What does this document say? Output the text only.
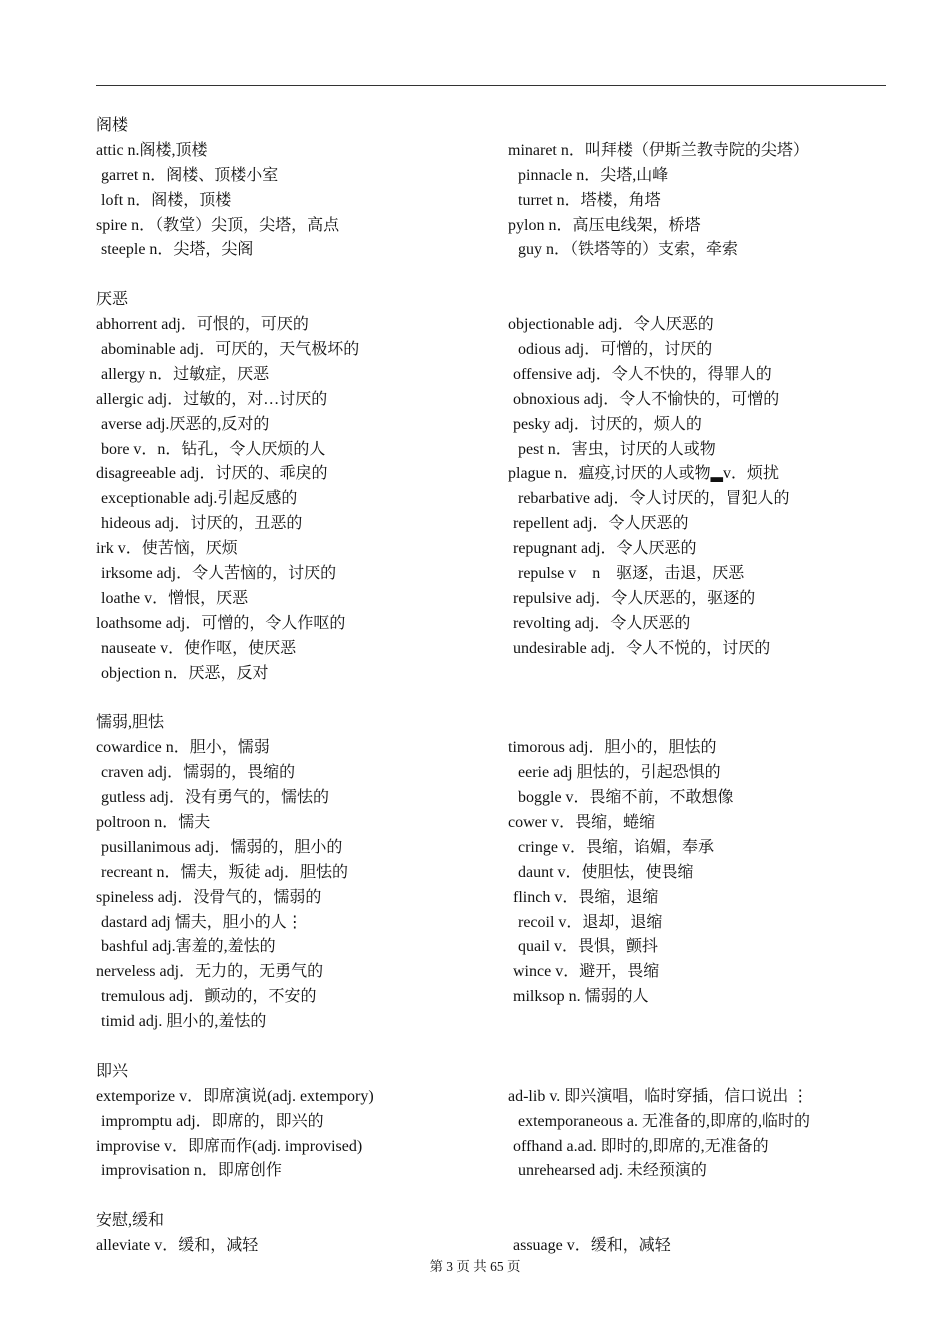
阁楼
attic n.阁楼,顶楼	minaret n．叫拜楼（伊斯兰教寺院的尖塔）
garret n．阁楼、顶楼小室	pinnacle n．尖塔,山峰
loft n．阁楼，顶楼	turret n．塔楼，角塔
spire n．（教堂）尖顶，尖塔，高点	pylon n．高压电线架，桥塔
steeple n．尖塔，尖阁	guy n．（铁塔等的）支索，牵索
厌恶
abhorrent adj．可恨的，可厌的	objectionable adj．令人厌恶的
abominable adj．可厌的，天气极坏的	odious adj．可憎的，讨厌的
allergy n．过敏症，厌恶	offensive adj．令人不快的，得罪人的
allergic adj．过敏的，对…讨厌的	obnoxious adj．令人不愉快的，可憎的
averse adj.厌恶的,反对的	pesky adj．讨厌的，烦人的
bore v．n．钻孔，令人厌烦的人	pest n．害虫，讨厌的人或物
disagreeable adj．讨厌的、乖戾的	plague n．瘟疫,讨厌的人或物▂v．烦扰
exceptionable adj.引起反感的	rebarbative adj．令人讨厌的，冒犯人的
hideous adj．讨厌的，丑恶的	repellent adj．令人厌恶的
irk v．使苦恼，厌烦	repugnant adj．令人厌恶的
irksome adj．令人苦恼的，讨厌的	repulse v　n　驱逐，击退，厌恶
loathe v．憎恨，厌恶	repulsive adj．令人厌恶的，驱逐的
loathsome adj．可憎的，令人作呕的	revolting adj．令人厌恶的
nauseate v．使作呕，使厌恶	undesirable adj．令人不悦的，讨厌的
objection n．厌恶，反对
懦弱,胆怯
cowardice n．胆小，懦弱	timorous adj．胆小的，胆怯的
craven adj．懦弱的，畏缩的	eerie adj 胆怯的，引起恐惧的
gutless adj．没有勇气的，懦怯的	boggle v．畏缩不前，不敢想像
poltroon n．懦夫	cower v．畏缩，蜷缩
pusillanimous adj．懦弱的，胆小的	cringe v．畏缩，谄媚，奉承
recreant n．懦夫，叛徒 adj．胆怯的	daunt v．使胆怯，使畏缩
spineless adj．没骨气的，懦弱的	flinch v．畏缩，退缩
dastard adj 懦夫，胆小的人⋮	recoil v．退却，退缩
bashful adj.害羞的,羞怯的	quail v．畏惧，颤抖
nerveless adj．无力的，无勇气的	wince v．避开，畏缩
tremulous adj．颤动的，不安的	milksop n. 懦弱的人
timid adj. 胆小的,羞怯的
即兴
extemporize v．即席演说(adj. extempory)	ad-lib v. 即兴演唱，临时穿插，信口说出 ⋮
impromptu adj．即席的，即兴的	extemporaneous a. 无准备的,即席的,临时的
improvise v．即席而作(adj. improvised)	offhand a.ad. 即时的,即席的,无准备的
improvisation n．即席创作	unrehearsed adj. 未经预演的
安慰,缓和
alleviate v．缓和，减轻	assuage v．缓和，减轻
第 3 页 共 65 页
